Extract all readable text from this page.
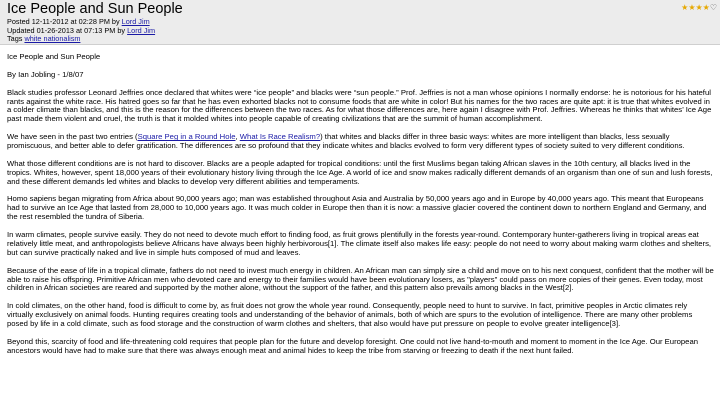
Ice People and Sun People
Posted 12-11-2012 at 02:28 PM by Lord Jim
Updated 01-26-2013 at 07:13 PM by Lord Jim
Tags white nationalism
★ ★ ★ ★ ♡

Ice People and Sun People

By Ian Jobling - 1/8/07

Black studies professor Leonard Jeffries once declared that whites were “ice people” and blacks were “sun people.” Prof. Jeffries is not a man whose opinions I normally endorse: he is notorious for his hateful rants against the white race. His hatred goes so far that he has even exhorted blacks not to consume foods that are white in color! But his names for the two races are quite apt: it is true that whites evolved in a colder climate than blacks, and this is the reason for the differences between the two races. As for what those differences are, here again I disagree with Prof. Jeffries. Whereas he thinks that whites’ Ice Age past made them violent and cruel, the truth is that it molded whites into people capable of creating civilizations that are the summit of human accomplishment.

We have seen in the past two entries (Square Peg in a Round Hole, What Is Race Realism?) that whites and blacks differ in three basic ways: whites are more intelligent than blacks, less sexually promiscuous, and better able to defer gratification. The differences are so profound that they indicate whites and blacks evolved to form very different types of society suited to very different conditions.

What those different conditions are is not hard to discover. Blacks are a people adapted for tropical conditions: until the first Muslims began taking African slaves in the 10th century, all blacks lived in the tropics. Whites, however, spent 18,000 years of their evolutionary history living through the Ice Age. A world of ice and snow makes radically different demands of an organism than one of sun and lush forests, and these different demands led whites and blacks to develop very different abilities and temperaments.

Homo sapiens began migrating from Africa about 90,000 years ago; man was established throughout Asia and Australia by 50,000 years ago and in Europe by 40,000 years ago. This meant that Europeans had to survive an Ice Age that lasted from 28,000 to 10,000 years ago. It was much colder in Europe then than it is now: a massive glacier covered the continent down to northern England and Germany, and the rest resembled the tundra of Siberia.

In warm climates, people survive easily. They do not need to devote much effort to finding food, as fruit grows plentifully in the forests year-round. Contemporary hunter-gatherers living in tropical areas eat relatively little meat, and anthropologists believe Africans have always been highly herbivorous[1]. The climate itself also makes life easy: people do not need to worry about making warm clothes and shelters, but can survive practically naked and live in simple huts composed of mud and leaves.

Because of the ease of life in a tropical climate, fathers do not need to invest much energy in children. An African man can simply sire a child and move on to his next conquest, confident that the mother will be able to raise his offspring. Primitive African men who devoted care and energy to their families would have been evolutionary losers, as "players" could pass on more copies of their genes. Even today, most children in African societies are reared and supported by the mother alone, without the support of the father, and this pattern also prevails among blacks in the West[2].

In cold climates, on the other hand, food is difficult to come by, as fruit does not grow the whole year round. Consequently, people need to hunt to survive. In fact, primitive peoples in Arctic climates rely virtually exclusively on animal foods. Hunting requires creating tools and understanding of the behavior of animals, both of which are spurs to the evolution of intelligence. There are many other problems posed by life in a cold climate, such as food storage and the construction of warm clothes and shelters, that also would have put pressure on people to evolve greater intelligence[3].

Beyond this, scarcity of food and life-threatening cold requires that people plan for the future and develop foresight. One could not live hand-to-mouth and moment to moment in the Ice Age. Our European ancestors would have had to make sure that there was always enough meat and animal hides to keep the tribe from starving or freezing to death if the next hunt failed.
